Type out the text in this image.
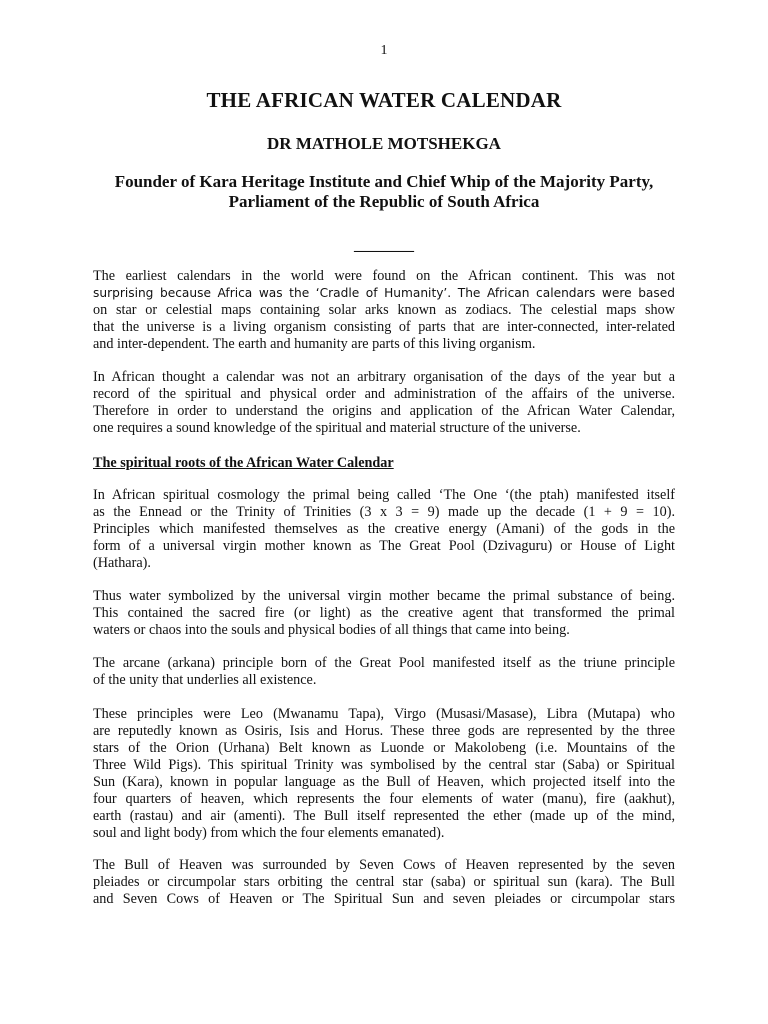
1
THE AFRICAN WATER CALENDAR
DR MATHOLE MOTSHEKGA
Founder of Kara Heritage Institute and Chief Whip of the Majority Party,
Parliament of the Republic of South Africa
________
The earliest calendars in the world were found on the African continent. This was not
surprising because Africa was the ‘Cradle of Humanity’. The African calendars were based
on star or celestial maps containing solar arks known as zodiacs. The celestial maps show
that the universe is a living organism consisting of parts that are inter-connected, inter-related
and inter-dependent. The earth and humanity are parts of this living organism.
In African thought a calendar was not an arbitrary organisation of the days of the year but a
record of the spiritual and physical order and administration of the affairs of the universe.
Therefore in order to understand the origins and application of the African Water Calendar,
one requires a sound knowledge of the spiritual and material structure of the universe.
The spiritual roots of the African Water Calendar
In African spiritual cosmology the primal being called ‘The One ‘(the ptah) manifested itself
as the Ennead or the Trinity of Trinities (3 x 3 = 9) made up the decade (1 + 9 = 10).
Principles which manifested themselves as the creative energy (Amani) of the gods in the
form of a universal virgin mother known as The Great Pool (Dzivaguru) or House of Light
(Hathara).
Thus water symbolized by the universal virgin mother became the primal substance of being.
This contained the sacred fire (or light) as the creative agent that transformed the primal
waters or chaos into the souls and physical bodies of all things that came into being.
The arcane (arkana) principle born of the Great Pool manifested itself as the triune principle
of the unity that underlies all existence.
These principles were Leo (Mwanamu Tapa), Virgo (Musasi/Masase), Libra (Mutapa) who
are reputedly known as Osiris, Isis and Horus. These three gods are represented by the three
stars of the Orion (Urhana) Belt known as Luonde or Makolobeng (i.e. Mountains of the
Three Wild Pigs). This spiritual Trinity was symbolised by the central star (Saba) or Spiritual
Sun (Kara), known in popular language as the Bull of Heaven, which projected itself into the
four quarters of heaven, which represents the four elements of water (manu), fire (aakhut),
earth (rastau) and air (amenti). The Bull itself represented the ether (made up of the mind,
soul and light body) from which the four elements emanated).
The Bull of Heaven was surrounded by Seven Cows of Heaven represented by the seven
pleiades or circumpolar stars orbiting the central star (saba) or spiritual sun (kara). The Bull
and Seven Cows of Heaven or The Spiritual Sun and seven pleiades or circumpolar stars
